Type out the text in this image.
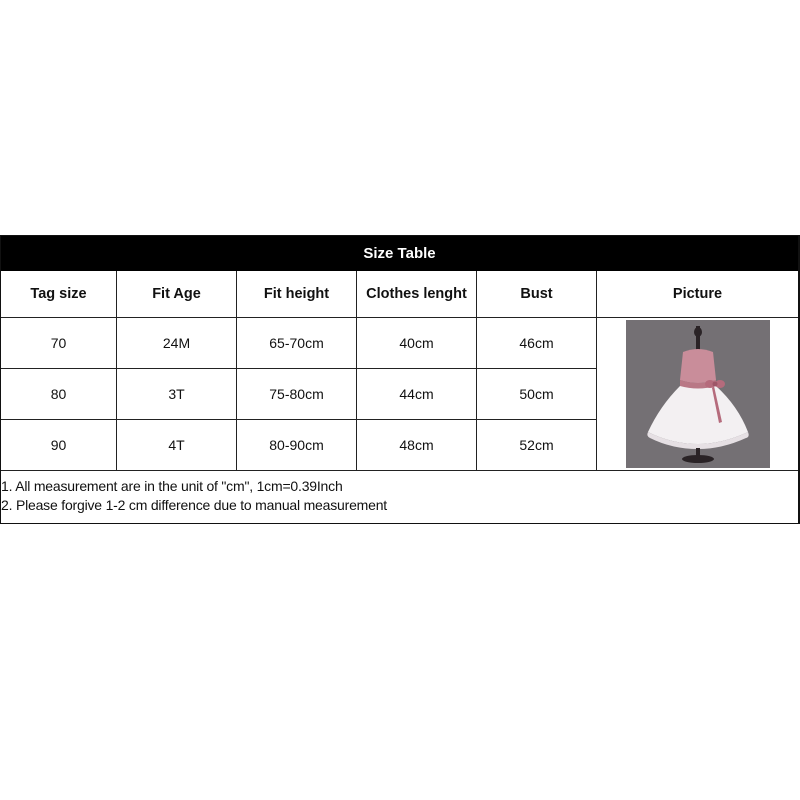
Size Table
Tag size	Fit Age	Fit height	Clothes lenght	Bust	Picture
70	24M	65-70cm	40cm	46cm
80	3T	75-80cm	44cm	50cm
90	4T	80-90cm	48cm	52cm
1. All measurement are in the unit of "cm", 1cm=0.39Inch
2. Please forgive 1-2 cm difference due to manual measurement
